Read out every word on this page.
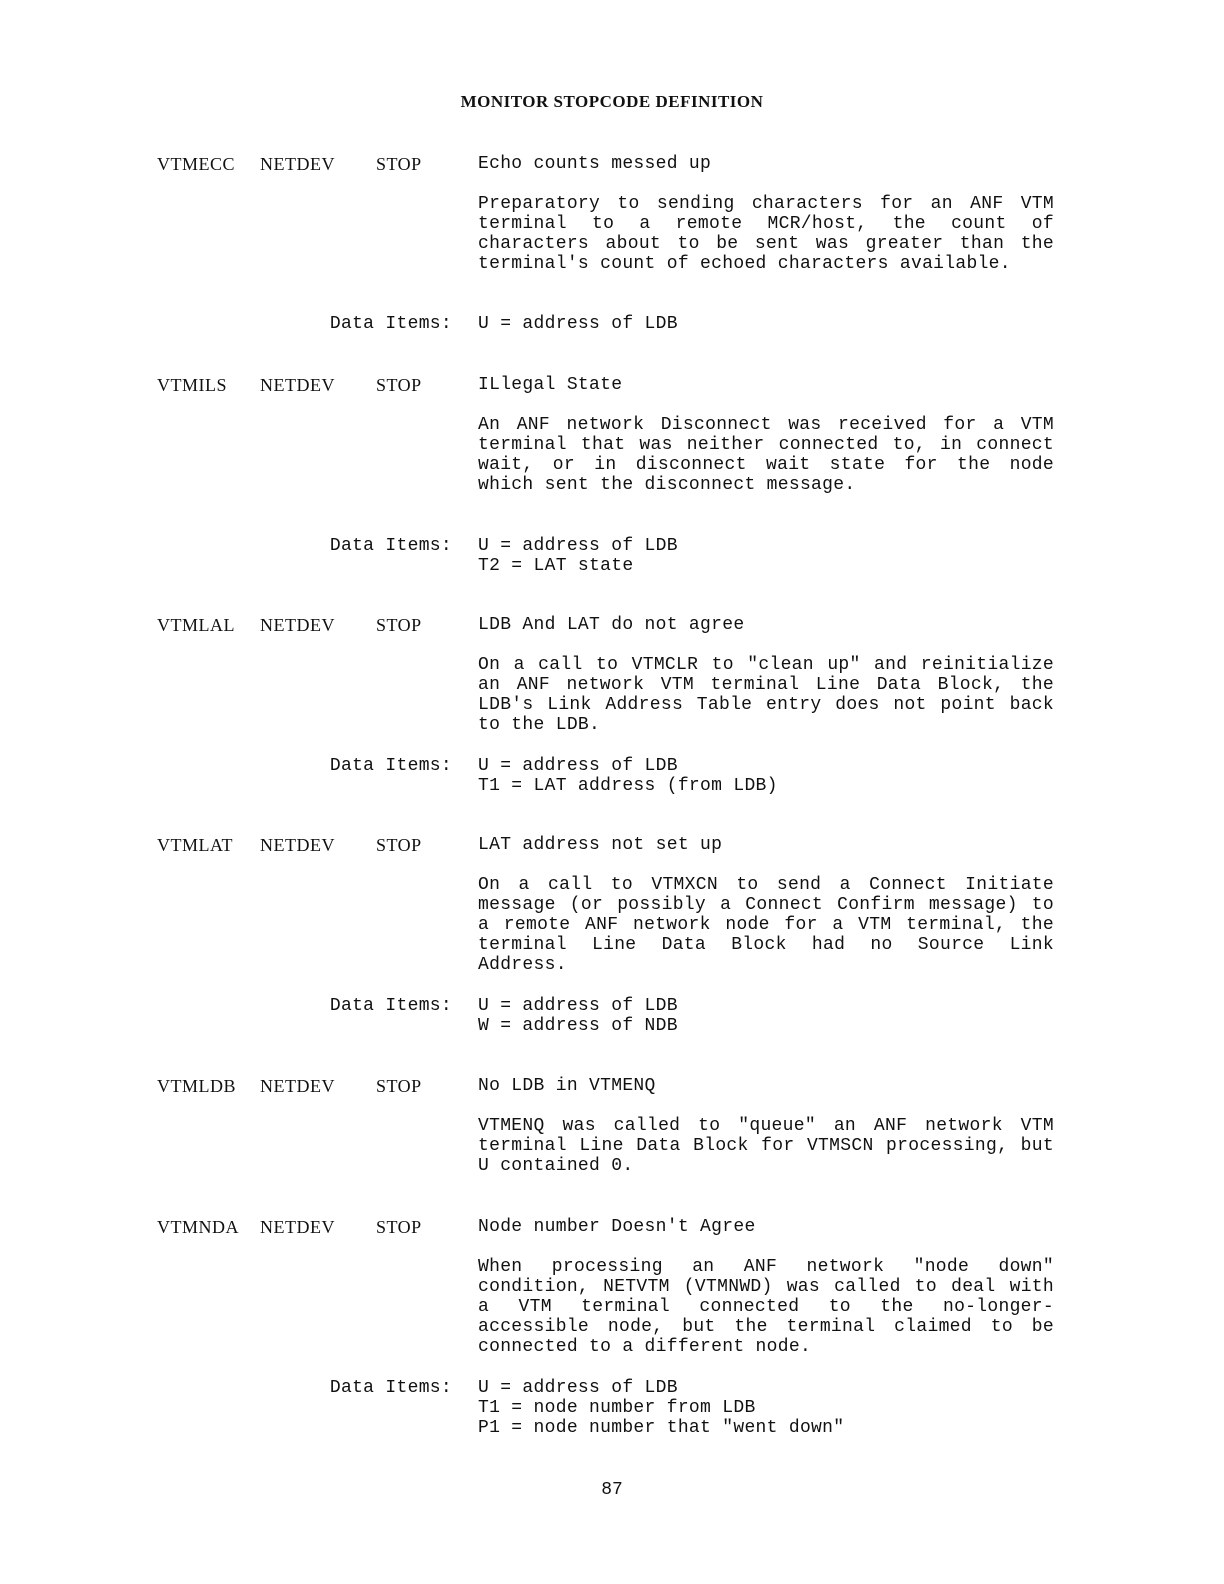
MONITOR STOPCODE DEFINITION
VTMECC NETDEV STOP	Echo counts messed up
Preparatory to sending characters for an ANF VTM terminal to a remote MCR/host, the count of characters about to be sent was greater than the terminal's count of echoed characters available.
Data Items: U = address of LDB
VTMILS NETDEV STOP	ILlegal State
An ANF network Disconnect was received for a VTM terminal that was neither connected to, in connect wait, or in disconnect wait state for the node which sent the disconnect message.
Data Items: U = address of LDB
T2 = LAT state
VTMLAL NETDEV STOP	LDB And LAT do not agree
On a call to VTMCLR to "clean up" and reinitialize an ANF network VTM terminal Line Data Block, the LDB's Link Address Table entry does not point back to the LDB.
Data Items: U = address of LDB
T1 = LAT address (from LDB)
VTMLAT NETDEV STOP	LAT address not set up
On a call to VTMXCN to send a Connect Initiate message (or possibly a Connect Confirm message) to a remote ANF network node for a VTM terminal, the terminal Line Data Block had no Source Link Address.
Data Items: U = address of LDB
W = address of NDB
VTMLDB NETDEV STOP	No LDB in VTMENQ
VTMENQ was called to "queue" an ANF network VTM terminal Line Data Block for VTMSCN processing, but U contained 0.
VTMNDA NETDEV STOP	Node number Doesn't Agree
When processing an ANF network "node down" condition, NETVTM (VTMNWD) was called to deal with a VTM terminal connected to the no-longer-accessible node, but the terminal claimed to be connected to a different node.
Data Items: U = address of LDB
T1 = node number from LDB
P1 = node number that "went down"
87
